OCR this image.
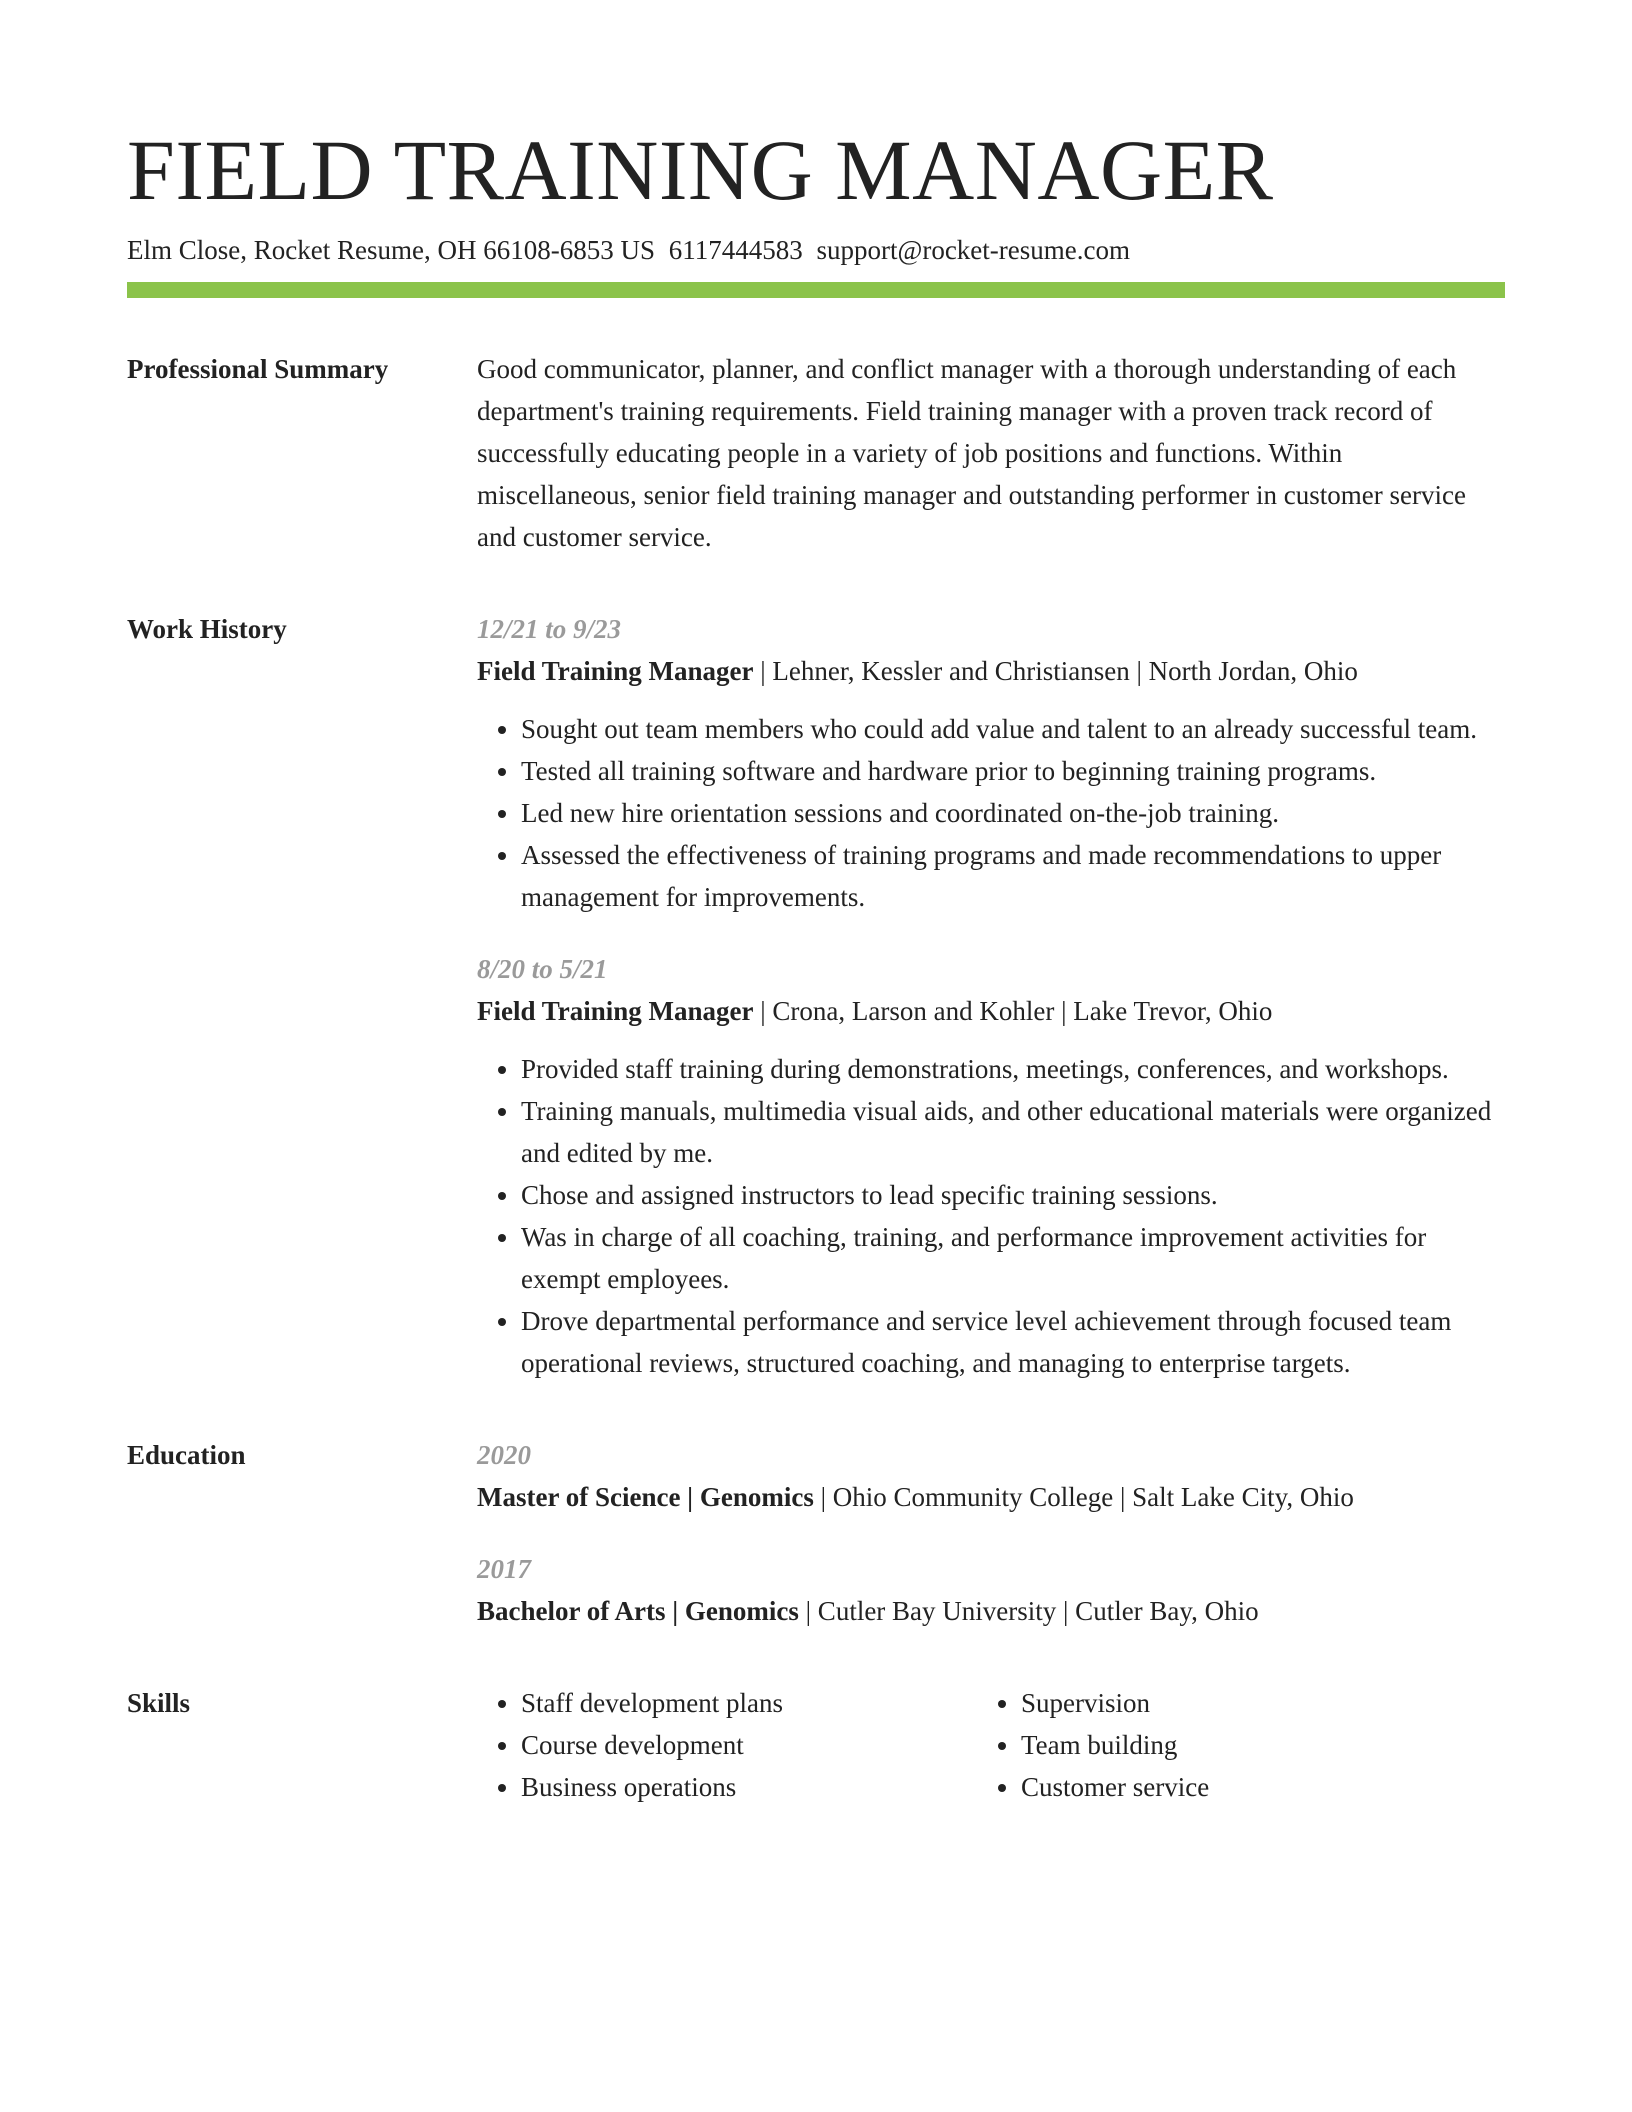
FIELD TRAINING MANAGER
Elm Close, Rocket Resume, OH 66108-6853 US 6117444583 support@rocket-resume.com
Professional Summary	Good communicator, planner, and conflict manager with a thorough understanding of each department's training requirements. Field training manager with a proven track record of successfully educating people in a variety of job positions and functions. Within miscellaneous, senior field training manager and outstanding performer in customer service and customer service.

Work History	12/21 to 9/23
Field Training Manager | Lehner, Kessler and Christiansen | North Jordan, Ohio
• Sought out team members who could add value and talent to an already successful team.
• Tested all training software and hardware prior to beginning training programs.
• Led new hire orientation sessions and coordinated on-the-job training.
• Assessed the effectiveness of training programs and made recommendations to upper management for improvements.
8/20 to 5/21
Field Training Manager | Crona, Larson and Kohler | Lake Trevor, Ohio
• Provided staff training during demonstrations, meetings, conferences, and workshops.
• Training manuals, multimedia visual aids, and other educational materials were organized and edited by me.
• Chose and assigned instructors to lead specific training sessions.
• Was in charge of all coaching, training, and performance improvement activities for exempt employees.
• Drove departmental performance and service level achievement through focused team operational reviews, structured coaching, and managing to enterprise targets.
Education	2020
Master of Science | Genomics | Ohio Community College | Salt Lake City, Ohio
2017
Bachelor of Arts | Genomics | Cutler Bay University | Cutler Bay, Ohio
Skills
•	Staff development plans
• Course development
• Business operations
• Supervision
• Team building
• Customer service
